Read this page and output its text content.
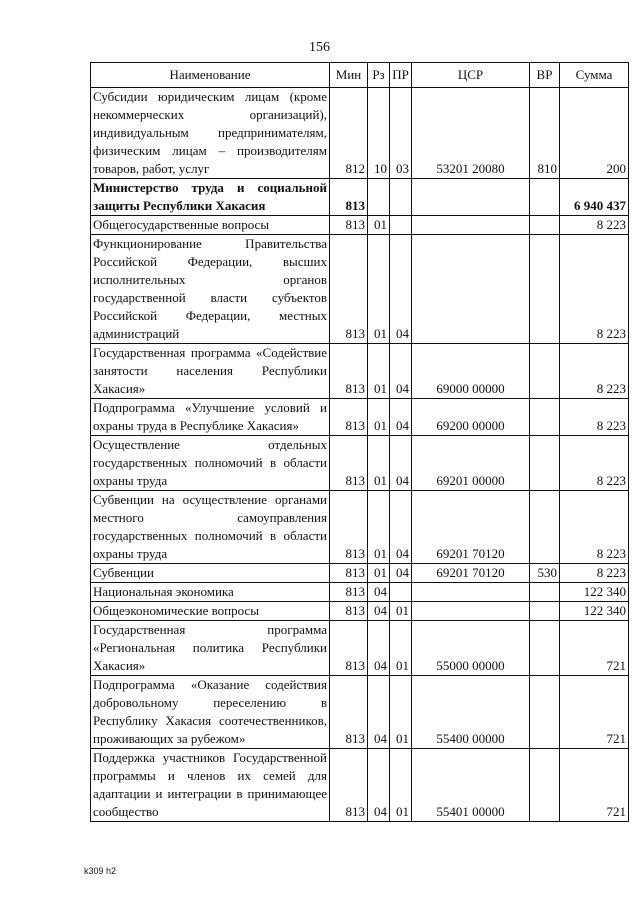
156
Наименование	Мин	Рз	ПР	ЦСР	ВР	Сумма
Субсидии юридическим лицам (кроме некоммерческих организаций), индивидуальным предпринимателям, физическим лицам – производителям товаров, работ, услуг	812	10	03	53201 20080	810	200
Министерство труда и социальной защиты Республики Хакасия	813					6 940 437
Общегосударственные вопросы	813	01				8 223
Функционирование Правительства Российской Федерации, высших исполнительных органов государственной власти субъектов Российской Федерации, местных администраций	813	01	04			8 223
Государственная программа «Содействие занятости населения Республики Хакасия»	813	01	04	69000 00000		8 223
Подпрограмма «Улучшение условий и охраны труда в Республике Хакасия»	813	01	04	69200 00000		8 223
Осуществление отдельных государственных полномочий в области охраны труда	813	01	04	69201 00000		8 223
Субвенции на осуществление органами местного самоуправления государственных полномочий в области охраны труда	813	01	04	69201 70120		8 223
Субвенции	813	01	04	69201 70120	530	8 223
Национальная экономика	813	04				122 340
Общеэкономические вопросы	813	04	01			122 340
Государственная программа «Региональная политика Республики Хакасия»	813	04	01	55000 00000		721
Подпрограмма «Оказание содействия добровольному переселению в Республику Хакасия соотечественников, проживающих за рубежом»	813	04	01	55400 00000		721
Поддержка участников Государственной программы и членов их семей для адаптации и интеграции в принимающее сообщество	813	04	01	55401 00000		721
k309 h2
